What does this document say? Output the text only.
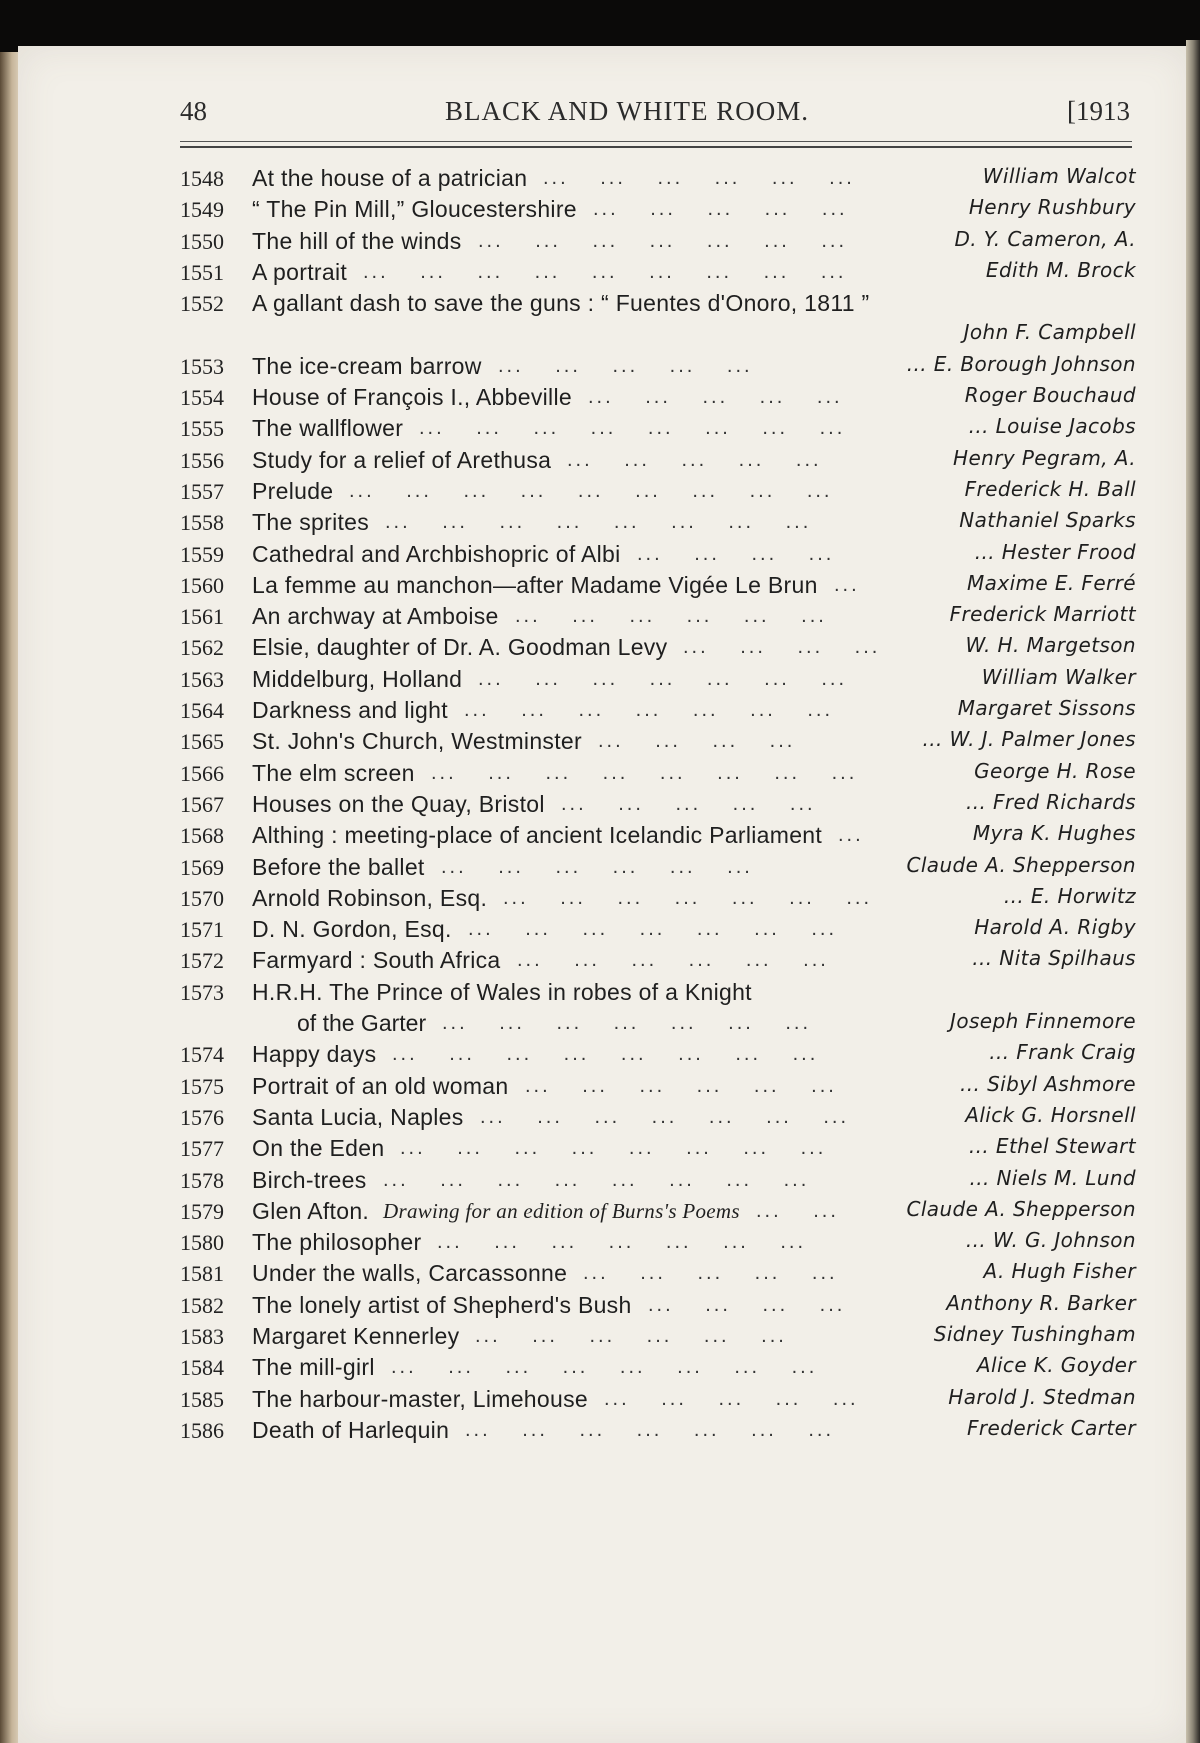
48	BLACK AND WHITE ROOM.	[1913
1548 At the house of a patrician	William Walcot
...  ...  ...  ...  ...  ...
1549 “ The Pin Mill,” Gloucestershire	Henry Rushbury
...  ...  ...  ...  ...
1550 The hill of the winds	D. Y. Cameron, A.
...  ...  ...  ...  ...  ...  ...
1551 A portrait	Edith M. Brock
...  ...  ...  ...  ...  ...  ...  ...  ...
1552 A gallant dash to save the guns : “ Fuentes d'Onoro, 1811 ”
John F. Campbell
1553 The ice-cream barrow	... E. Borough Johnson
...  ...  ...  ...  ...
1554 House of François I., Abbeville	Roger Bouchaud
...  ...  ...  ...  ...
1555 The wallflower	... Louise Jacobs
...  ...  ...  ...  ...  ...  ...  ...
1556 Study for a relief of Arethusa	Henry Pegram, A.
...  ...  ...  ...  ...
1557 Prelude	Frederick H. Ball
...  ...  ...  ...  ...  ...  ...  ...  ...
1558 The sprites	Nathaniel Sparks
...  ...  ...  ...  ...  ...  ...  ...
1559 Cathedral and Archbishopric of Albi	... Hester Frood
...  ...  ...  ...
1560 La femme au manchon—after Madame Vigée Le Brun	Maxime E. Ferré
...
1561 An archway at Amboise	Frederick Marriott
...  ...  ...  ...  ...  ...
1562 Elsie, daughter of Dr. A. Goodman Levy	W. H. Margetson
...  ...  ...  ...
1563 Middelburg, Holland	William Walker
...  ...  ...  ...  ...  ...  ...
1564 Darkness and light	Margaret Sissons
...  ...  ...  ...  ...  ...  ...
1565 St. John's Church, Westminster	... W. J. Palmer Jones
...  ...  ...  ...
1566 The elm screen	George H. Rose
...  ...  ...  ...  ...  ...  ...  ...
1567 Houses on the Quay, Bristol	... Fred Richards
...  ...  ...  ...  ...
1568 Althing : meeting-place of ancient Icelandic Parliament	Myra K. Hughes
...
1569 Before the ballet	Claude A. Shepperson
...  ...  ...  ...  ...  ...
1570 Arnold Robinson, Esq.	... E. Horwitz
...  ...  ...  ...  ...  ...  ...
1571 D. N. Gordon, Esq.	Harold A. Rigby
...  ...  ...  ...  ...  ...  ...
1572 Farmyard : South Africa	... Nita Spilhaus
...  ...  ...  ...  ...  ...
1573 H.R.H. The Prince of Wales in robes of a Knight
of the Garter	Joseph Finnemore
...  ...  ...  ...  ...  ...  ...
1574 Happy days	... Frank Craig
...  ...  ...  ...  ...  ...  ...  ...
1575 Portrait of an old woman	... Sibyl Ashmore
...  ...  ...  ...  ...  ...
1576 Santa Lucia, Naples	Alick G. Horsnell
...  ...  ...  ...  ...  ...  ...
1577 On the Eden	... Ethel Stewart
...  ...  ...  ...  ...  ...  ...  ...
1578 Birch-trees	... Niels M. Lund
...  ...  ...  ...  ...  ...  ...  ...
1579 Glen Afton. Drawing for an edition of Burns's Poems	Claude A. Shepperson
...  ...
1580 The philosopher	... W. G. Johnson
...  ...  ...  ...  ...  ...  ...
1581 Under the walls, Carcassonne	A. Hugh Fisher
...  ...  ...  ...  ...
1582 The lonely artist of Shepherd's Bush	Anthony R. Barker
...  ...  ...  ...
1583 Margaret Kennerley	Sidney Tushingham
...  ...  ...  ...  ...  ...
1584 The mill-girl	Alice K. Goyder
...  ...  ...  ...  ...  ...  ...  ...
1585 The harbour-master, Limehouse	Harold J. Stedman
...  ...  ...  ...  ...
1586 Death of Harlequin	Frederick Carter
...  ...  ...  ...  ...  ...  ...
